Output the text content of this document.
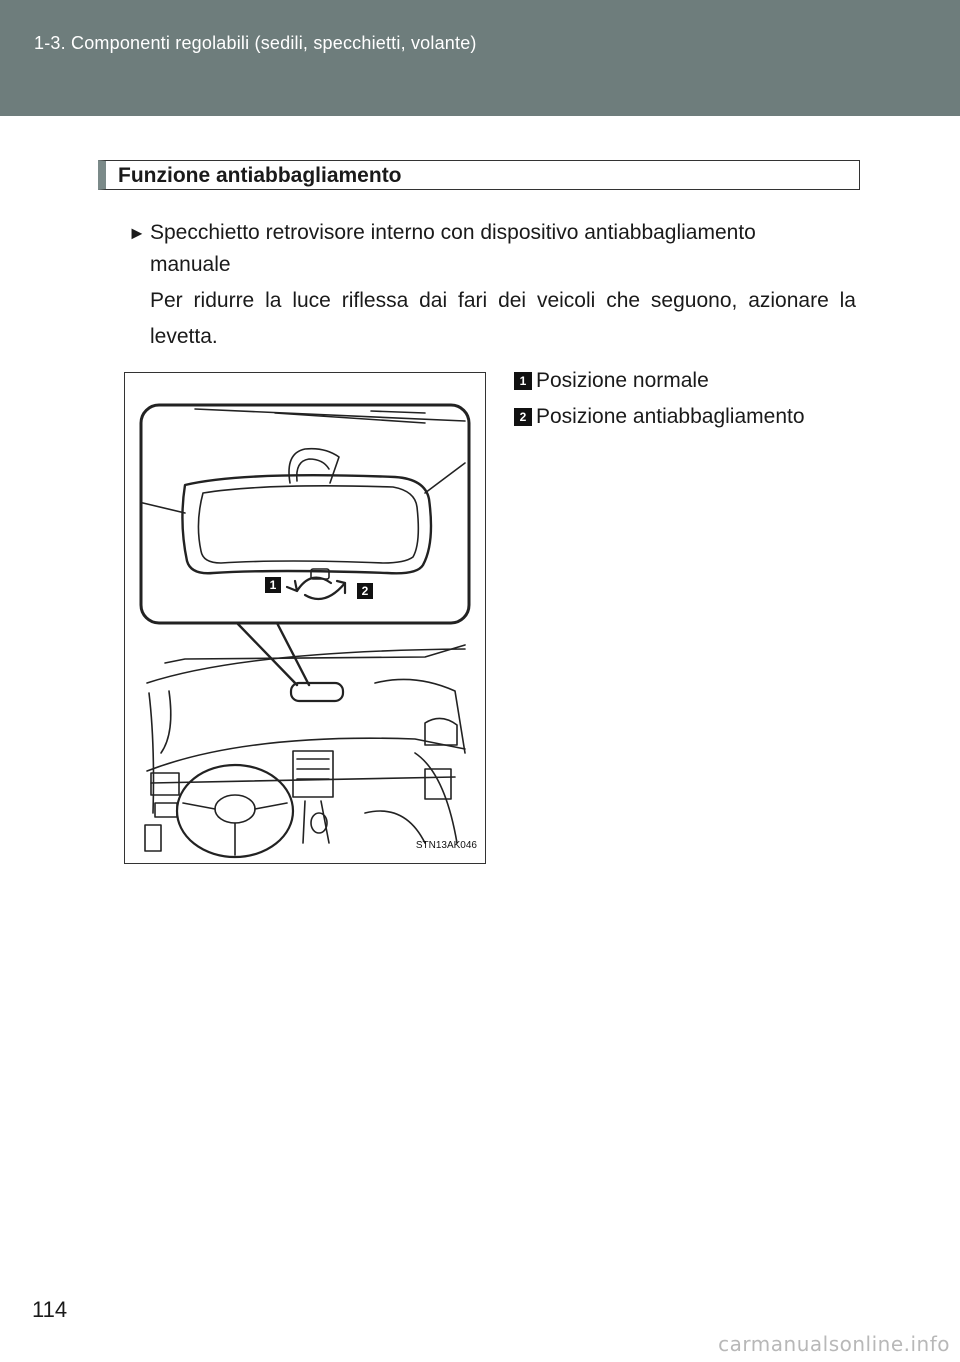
1-3. Componenti regolabili (sedili, specchietti, volante)
Funzione antiabbagliamento
► Specchietto retrovisore interno con dispositivo antiabbagliamento
manuale
Per ridurre la luce riflessa dai fari dei veicoli che seguono, azionare la levetta.
1	2
STN13AK046
1 Posizione normale
2 Posizione antiabbagliamento
114
carmanualsonline.info
